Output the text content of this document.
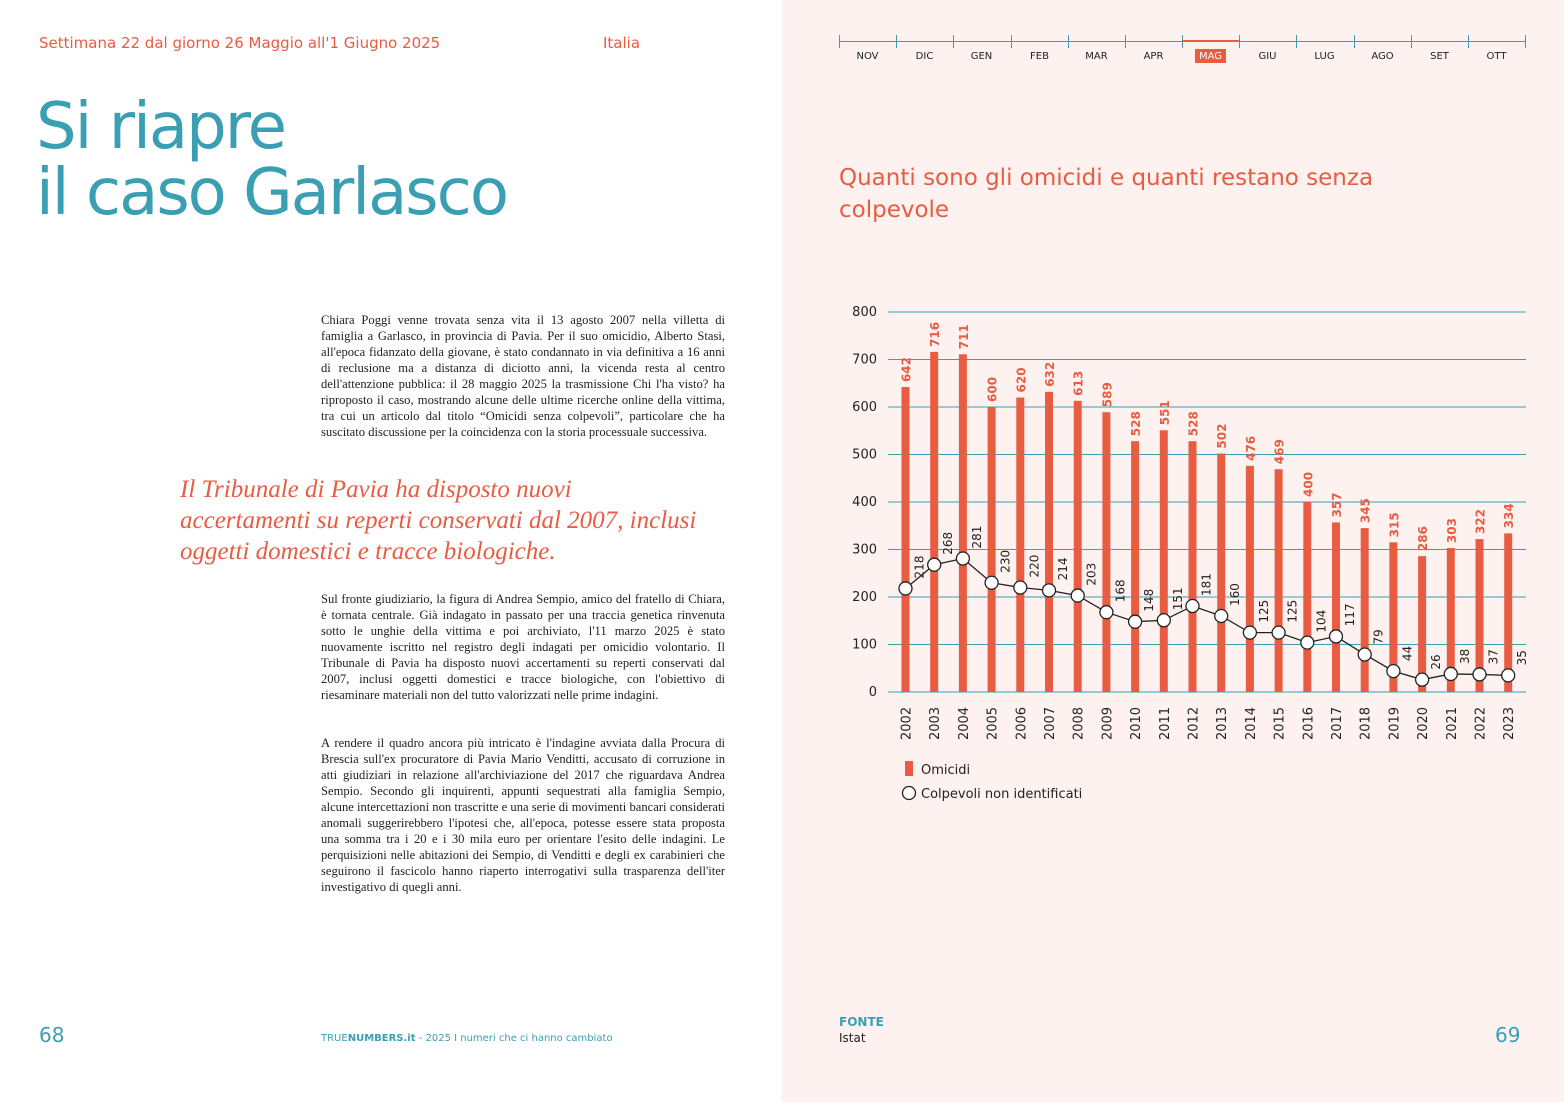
Settimana 22 dal giorno 26 Maggio all'1 Giugno 2025	Italia
Si riapre
il caso Garlasco

Chiara Poggi venne trovata senza vita il 13 agosto 2007 nella villetta di famiglia a Garlasco, in provincia di Pavia. Per il suo omicidio, Alberto Stasi, all'epoca fidanzato della giovane, è stato condannato in via definitiva a 16 anni di reclusione ma a distanza di diciotto anni, la vicenda resta al centro dell'attenzione pubblica: il 28 maggio 2025 la trasmissione Chi l'ha visto? ha riproposto il caso, mostrando alcune delle ultime ricerche online della vittima, tra cui un articolo dal titolo “Omicidi senza colpevoli”, particolare che ha suscitato discussione per la coincidenza con la storia processuale successiva.

Il Tribunale di Pavia ha disposto nuovi accertamenti su reperti conservati dal 2007, inclusi oggetti domestici e tracce biologiche.

Sul fronte giudiziario, la figura di Andrea Sempio, amico del fratello di Chiara, è tornata centrale. Già indagato in passato per una traccia genetica rinvenuta sotto le unghie della vittima e poi archiviato, l'11 marzo 2025 è stato nuovamente iscritto nel registro degli indagati per omicidio volontario. Il Tribunale di Pavia ha disposto nuovi accertamenti su reperti conservati dal 2007, inclusi oggetti domestici e tracce biologiche, con l'obiettivo di riesaminare materiali non del tutto valorizzati nelle prime indagini.

A rendere il quadro ancora più intricato è l'indagine avviata dalla Procura di Brescia sull'ex procuratore di Pavia Mario Venditti, accusato di corruzione in atti giudiziari in relazione all'archiviazione del 2017 che riguardava Andrea Sempio. Secondo gli inquirenti, appunti sequestrati alla famiglia Sempio, alcune intercettazioni non trascritte e una serie di movimenti bancari considerati anomali suggerirebbero l'ipotesi che, all'epoca, potesse essere stata proposta una somma tra i 20 e i 30 mila euro per orientare l'esito delle indagini. Le perquisizioni nelle abitazioni dei Sempio, di Venditti e degli ex carabinieri che seguirono il fascicolo hanno riaperto interrogativi sulla trasparenza dell'iter investigativo di quegli anni.

68	TRUENUMBERS.it - 2025 I numeri che ci hanno cambiato
NOV	DIC	GEN	FEB	MAR	APR	MAG	GIU	LUG	AGO	SET	OTT
Quanti sono gli omicidi e quanti restano senza colpevole
0
100
200
300
400
500
600
700
800
642
716 711
600 620 632 613 589
528 551 528 502 476 469
400
357 345
315
286 303 322 334
218
268 281
230 220 214 203
168 148 151
181 160
125 125 104 117
79
44
26 38 37 35
2002 2003 2004 2005 2006 2007 2008 2009 2010 2011 2012 2013 2014 2015 2016 2017 2018 2019 2020 2021 2022 2023
Omicidi
Colpevoli non identificati
FONTE
Istat	69
